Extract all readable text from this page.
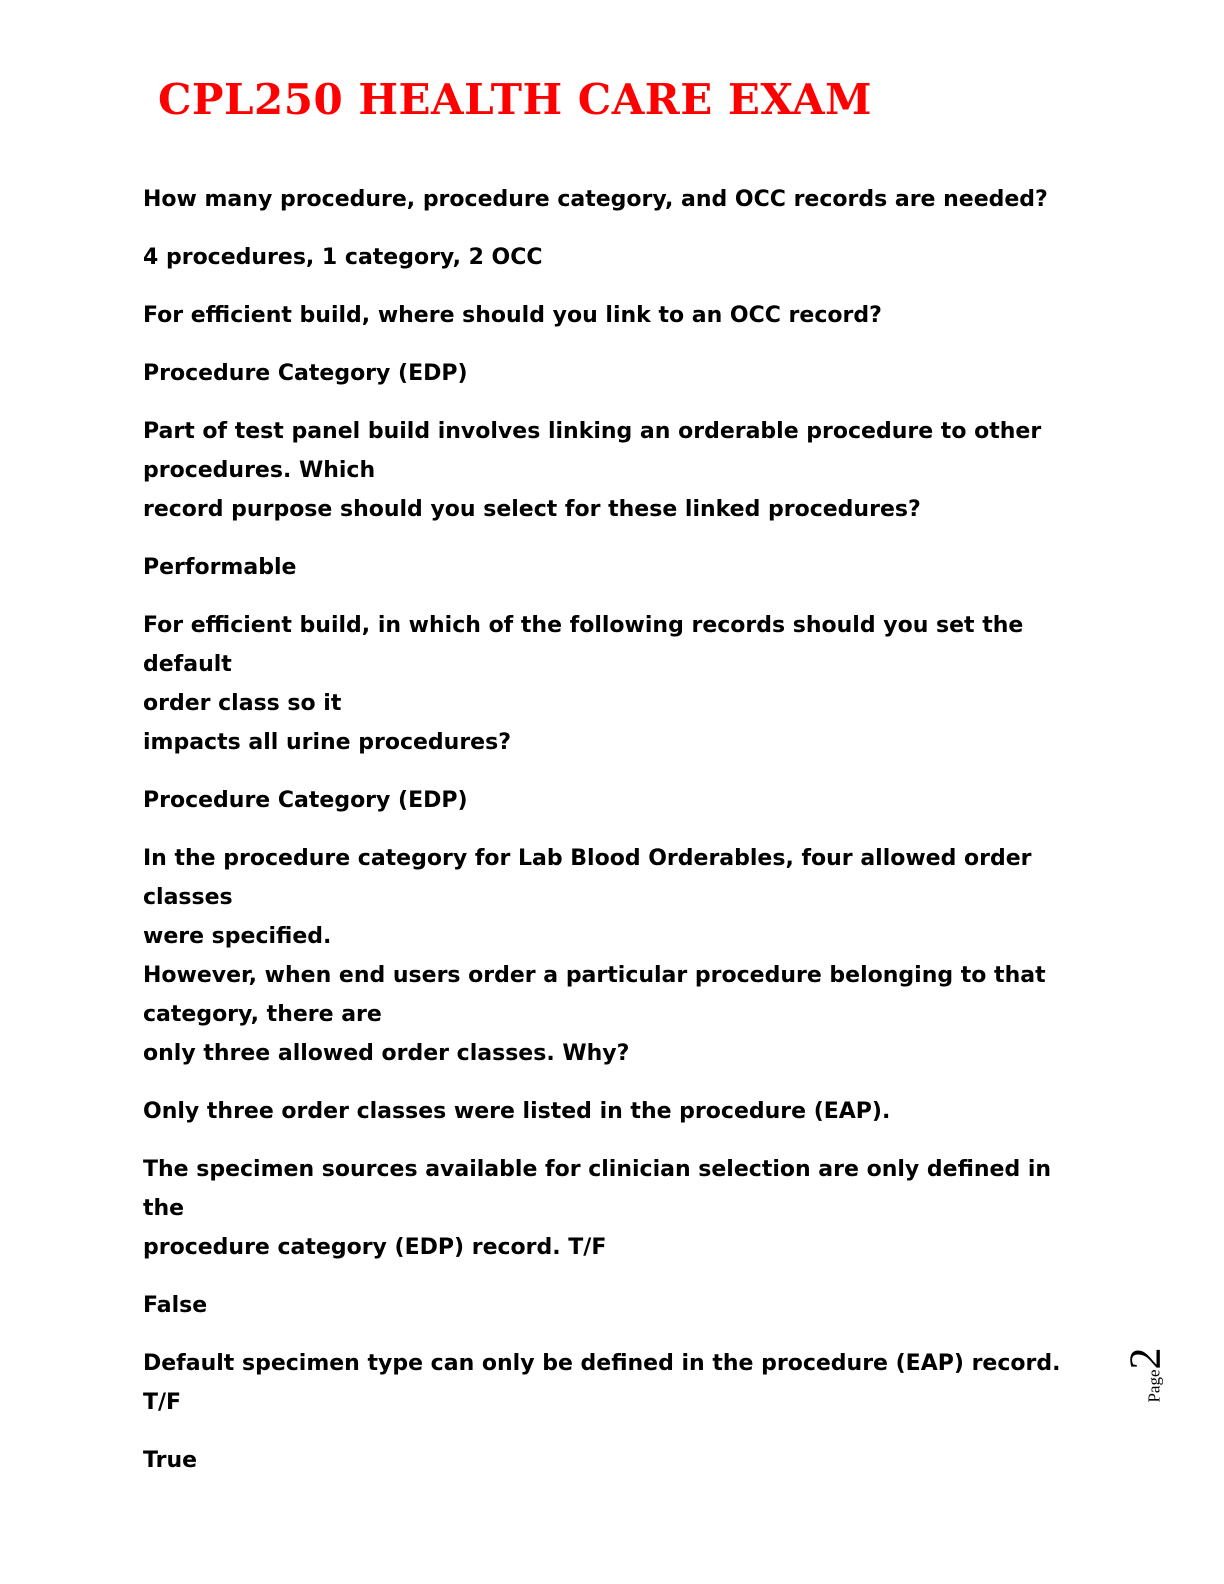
CPL250 HEALTH CARE EXAM

How many procedure, procedure category, and OCC records are needed?

4 procedures, 1 category, 2 OCC

For efficient build, where should you link to an OCC record?

Procedure Category (EDP)

Part of test panel build involves linking an orderable procedure to other
procedures. Which
record purpose should you select for these linked procedures?

Performable

For efficient build, in which of the following records should you set the default
order class so it
impacts all urine procedures?

Procedure Category (EDP)

In the procedure category for Lab Blood Orderables, four allowed order classes
were specified.
However, when end users order a particular procedure belonging to that
category, there are
only three allowed order classes. Why?

Only three order classes were listed in the procedure (EAP).

The specimen sources available for clinician selection are only defined in the
procedure category (EDP) record. T/F

False

Default specimen type can only be defined in the procedure (EAP) record. T/F

True

Page2
